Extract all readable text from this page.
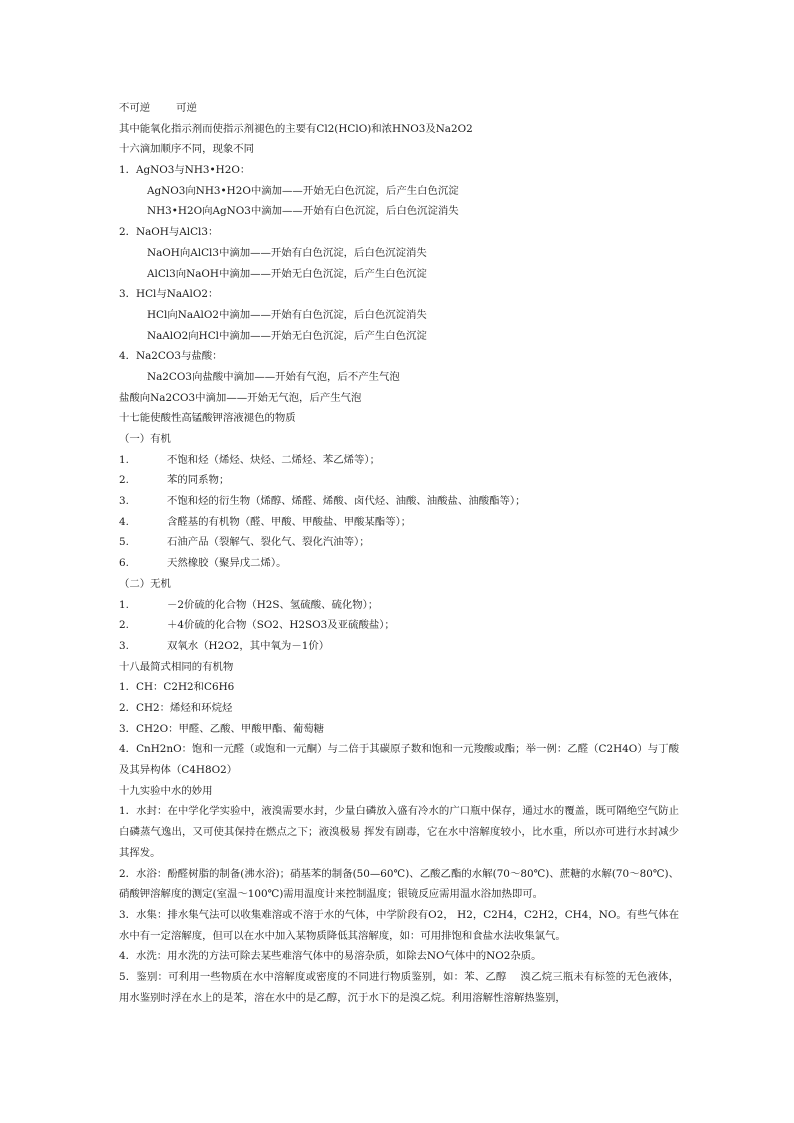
不可逆	可逆
其中能氧化指示剂而使指示剂褪色的主要有Cl2(HClO)和浓HNO3及Na2O2
十六滴加顺序不同，现象不同
1．AgNO3与NH3•H2O：
AgNO3向NH3•H2O中滴加——开始无白色沉淀，后产生白色沉淀
NH3•H2O向AgNO3中滴加——开始有白色沉淀，后白色沉淀消失
2．NaOH与AlCl3：
NaOH向AlCl3中滴加——开始有白色沉淀，后白色沉淀消失
AlCl3向NaOH中滴加——开始无白色沉淀，后产生白色沉淀
3．HCl与NaAlO2：
HCl向NaAlO2中滴加——开始有白色沉淀，后白色沉淀消失
NaAlO2向HCl中滴加——开始无白色沉淀，后产生白色沉淀
4．Na2CO3与盐酸：
Na2CO3向盐酸中滴加——开始有气泡，后不产生气泡
盐酸向Na2CO3中滴加——开始无气泡，后产生气泡
十七能使酸性高锰酸钾溶液褪色的物质
（一）有机
1.	不饱和烃（烯烃、炔烃、二烯烃、苯乙烯等）；
2.	苯的同系物；
3.	不饱和烃的衍生物（烯醇、烯醛、烯酸、卤代烃、油酸、油酸盐、油酸酯等）；
4.	含醛基的有机物（醛、甲酸、甲酸盐、甲酸某酯等）；
5.	石油产品（裂解气、裂化气、裂化汽油等）；
6.	天然橡胶（聚异戊二烯）。
（二）无机
1.	－2价硫的化合物（H2S、氢硫酸、硫化物）；
2.	＋4价硫的化合物（SO2、H2SO3及亚硫酸盐）；
3.	双氧水（H2O2，其中氧为－1价）
十八最简式相同的有机物
1．CH：C2H2和C6H6
2．CH2：烯烃和环烷烃
3．CH2O：甲醛、乙酸、甲酸甲酯、葡萄糖
4．CnH2nO：饱和一元醛（或饱和一元酮）与二倍于其碳原子数和饱和一元羧酸或酯；举一例：乙醛（C2H4O）与丁酸及其异构体（C4H8O2）
十九实验中水的妙用
1．水封：在中学化学实验中，液溴需要水封，少量白磷放入盛有冷水的广口瓶中保存，通过水的覆盖，既可隔绝空气防止白磷蒸气逸出，又可使其保持在燃点之下；液溴极易 挥发有剧毒，它在水中溶解度较小，比水重，所以亦可进行水封减少其挥发。
2．水浴：酚醛树脂的制备(沸水浴)；硝基苯的制备(50—60℃)、乙酸乙酯的水解(70～80℃)、蔗糖的水解(70～80℃)、硝酸钾溶解度的测定(室温～100℃)需用温度计来控制温度；银镜反应需用温水浴加热即可。
3．水集：排水集气法可以收集难溶或不溶于水的气体，中学阶段有O2， H2，C2H4，C2H2，CH4，NO。有些气体在水中有一定溶解度，但可以在水中加入某物质降低其溶解度，如：可用排饱和食盐水法收集氯气。
4．水洗：用水洗的方法可除去某些难溶气体中的易溶杂质，如除去NO气体中的NO2杂质。
5．鉴别：可利用一些物质在水中溶解度或密度的不同进行物质鉴别，如：苯、乙醇　 溴乙烷三瓶未有标签的无色液体，用水鉴别时浮在水上的是苯，溶在水中的是乙醇，沉于水下的是溴乙烷。利用溶解性溶解热鉴别，
